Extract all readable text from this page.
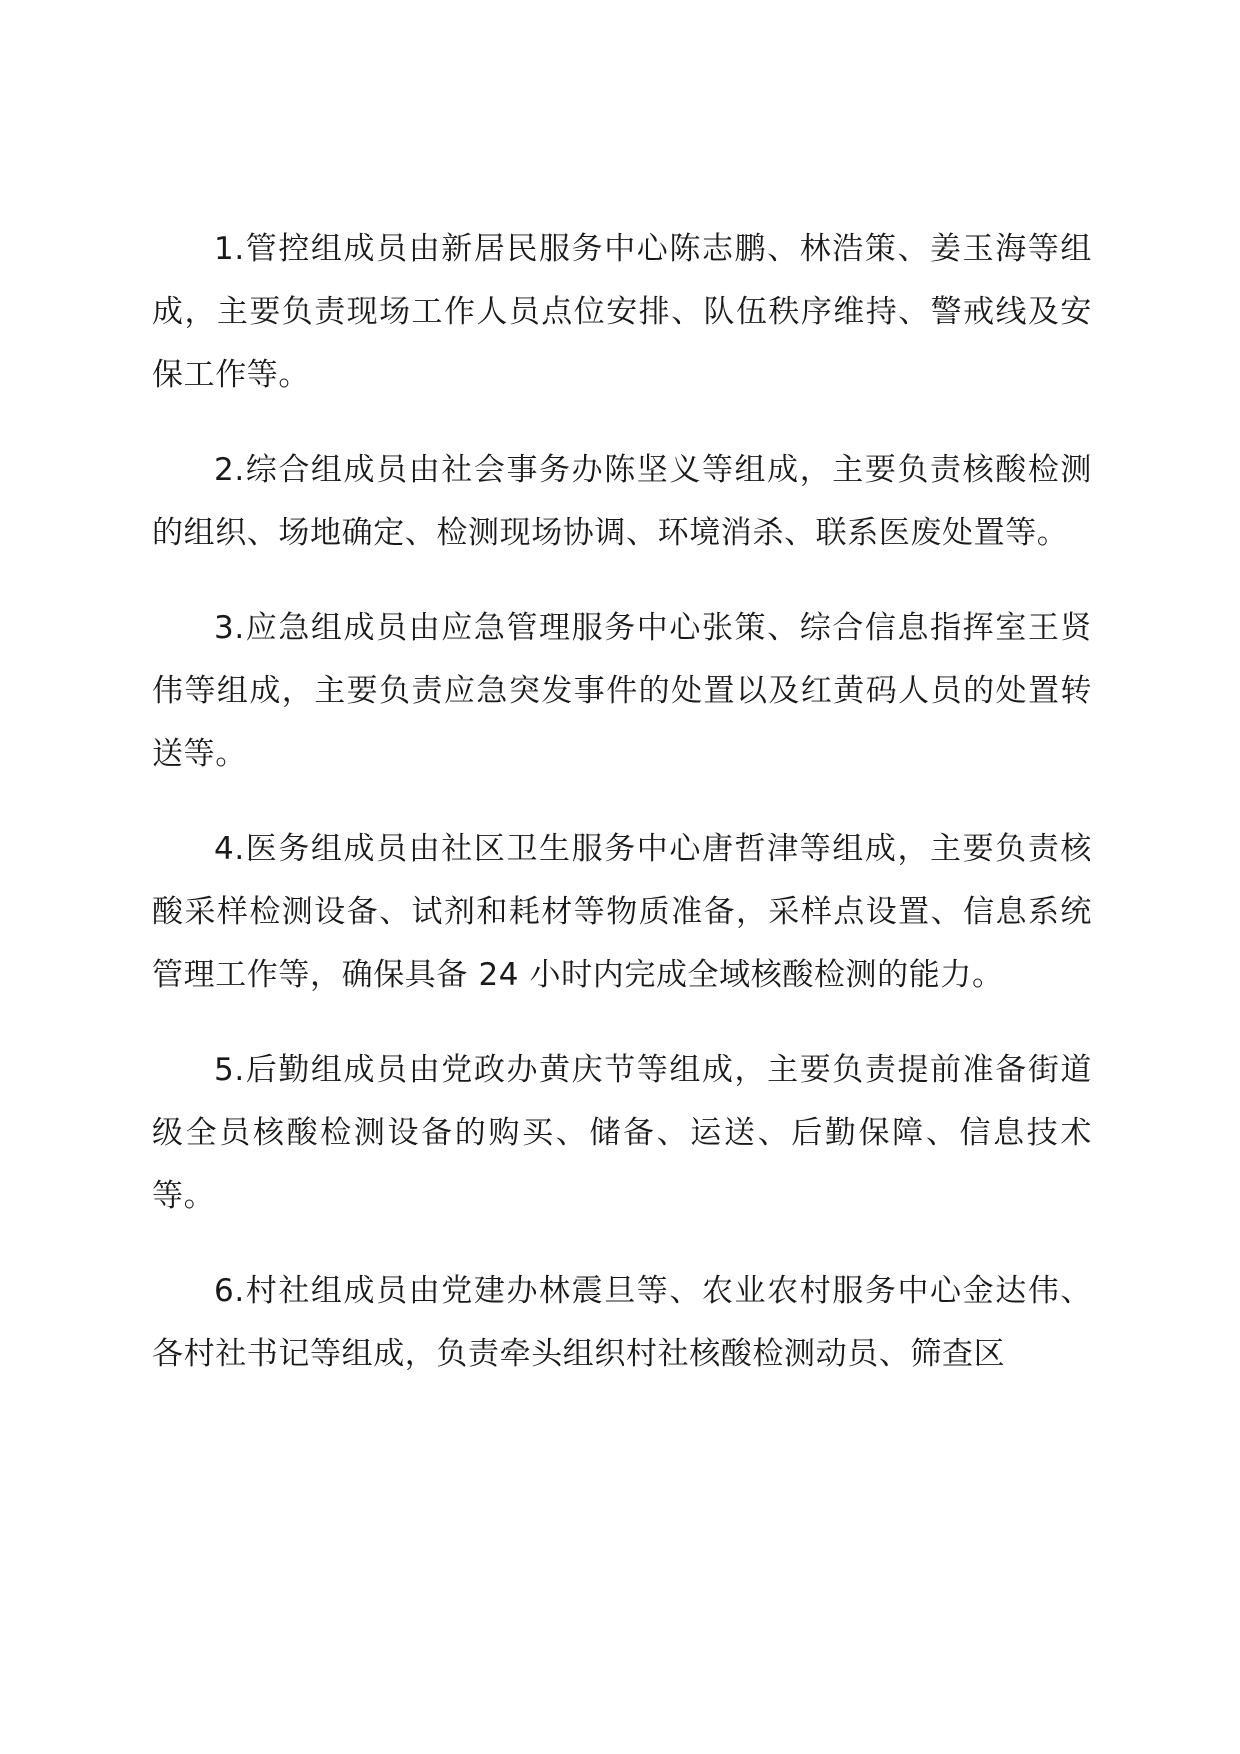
1.管控组成员由新居民服务中心陈志鹏、林浩策、姜玉海等组成，主要负责现场工作人员点位安排、队伍秩序维持、警戒线及安保工作等。

2.综合组成员由社会事务办陈坚义等组成，主要负责核酸检测的组织、场地确定、检测现场协调、环境消杀、联系医废处置等。

3.应急组成员由应急管理服务中心张策、综合信息指挥室王贤伟等组成，主要负责应急突发事件的处置以及红黄码人员的处置转送等。

4.医务组成员由社区卫生服务中心唐哲津等组成，主要负责核酸采样检测设备、试剂和耗材等物质准备，采样点设置、信息系统管理工作等，确保具备 24 小时内完成全域核酸检测的能力。

5.后勤组成员由党政办黄庆节等组成，主要负责提前准备街道级全员核酸检测设备的购买、储备、运送、后勤保障、信息技术等。

6.村社组成员由党建办林震旦等、农业农村服务中心金达伟、各村社书记等组成，负责牵头组织村社核酸检测动员、筛查区
